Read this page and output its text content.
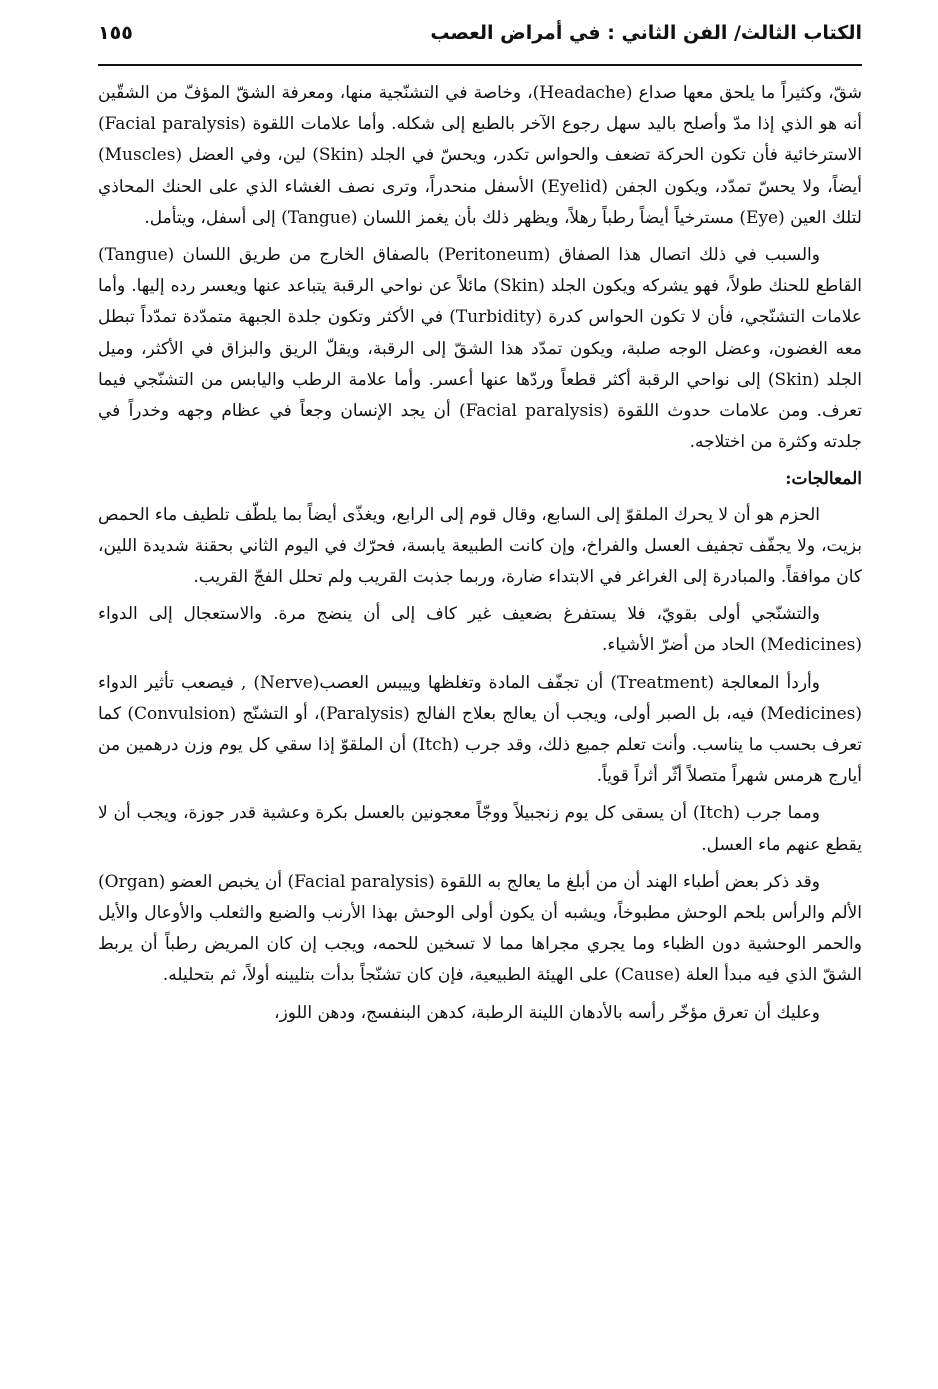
الكتاب الثالث/ الفن الثاني : في أمراض العصب
١٥٥

شقّ، وكثيراً ما يلحق معها صداع (Headache)، وخاصة في التشنّجية منها، ومعرفة الشقّ المؤفّ من الشقّين أنه هو الذي إذا مدّ وأصلح باليد سهل رجوع الآخر بالطبع إلى شكله. وأما علامات اللقوة (Facial paralysis) الاسترخائية فأن تكون الحركة تضعف والحواس تكدر، ويحسّ في الجلد (Skin) لين، وفي العضل (Muscles) أيضاً، ولا يحسّ تمدّد، ويكون الجفن (Eyelid) الأسفل منحدراً، وترى نصف الغشاء الذي على الحنك المحاذي لتلك العين (Eye) مسترخياً أيضاً رطباً رهلاً، ويظهر ذلك بأن يغمز اللسان (Tangue) إلى أسفل، ويتأمل.

والسبب في ذلك اتصال هذا الصفاق (Peritoneum) بالصفاق الخارج من طريق اللسان (Tangue) القاطع للحنك طولاً، فهو يشركه ويكون الجلد (Skin) مائلاً عن نواحي الرقبة يتباعد عنها ويعسر رده إليها. وأما علامات التشنّجي، فأن لا تكون الحواس كدرة (Turbidity) في الأكثر وتكون جلدة الجبهة متمدّدة تمدّداً تبطل معه الغضون، وعضل الوجه صلبة، ويكون تمدّد هذا الشقّ إلى الرقبة، ويقلّ الريق والبزاق في الأكثر، وميل الجلد (Skin) إلى نواحي الرقبة أكثر قطعاً وردّها عنها أعسر. وأما علامة الرطب واليابس من التشنّجي فيما تعرف. ومن علامات حدوث اللقوة (Facial paralysis) أن يجد الإنسان وجعاً في عظام وجهه وخدراً في جلدته وكثرة من اختلاجه.

المعالجات:

الحزم هو أن لا يحرك الملقوّ إلى السابع، وقال قوم إلى الرابع، ويغذّى أيضاً بما يلطّف تلطيف ماء الحمص بزيت، ولا يجفّف تجفيف العسل والفراخ، وإن كانت الطبيعة يابسة، فحرّك في اليوم الثاني بحقنة شديدة اللين، كان موافقاً. والمبادرة إلى الغراغر في الابتداء ضارة، وربما جذبت القريب ولم تحلل الفجّ القريب.

والتشنّجي أولى بقويّ، فلا يستفرغ بضعيف غير كاف إلى أن ينضج مرة. والاستعجال إلى الدواء (Medicines) الحاد من أضرّ الأشياء.

وأردأ المعالجة (Treatment) أن تجفّف المادة وتغلظها وييبس العصب(Nerve) , فيصعب تأثير الدواء (Medicines) فيه، بل الصبر أولى، ويجب أن يعالج بعلاج الفالج (Paralysis)، أو التشنّج (Convulsion) كما تعرف بحسب ما يناسب. وأنت تعلم جميع ذلك، وقد جرب (Itch) أن الملقوّ إذا سقي كل يوم وزن درهمين من أيارج هرمس شهراً متصلاً أثّر أثراً قوياً.

ومما جرب (Itch) أن يسقى كل يوم زنجبيلاً ووجّاً معجونين بالعسل بكرة وعشية قدر جوزة، ويجب أن لا يقطع عنهم ماء العسل.

وقد ذكر بعض أطباء الهند أن من أبلغ ما يعالج به اللقوة (Facial paralysis) أن يخبص العضو (Organ) الألم والرأس بلحم الوحش مطبوخاً، ويشبه أن يكون أولى الوحش بهذا الأرنب والضبع والثعلب والأوعال والأيل والحمر الوحشية دون الظباء وما يجري مجراها مما لا تسخين للحمه، ويجب إن كان المريض رطباً أن يربط الشقّ الذي فيه مبدأ العلة (Cause) على الهيئة الطبيعية، فإن كان تشنّجاً بدأت بتليينه أولاً، ثم بتحليله.

وعليك أن تعرق مؤخّر رأسه بالأدهان اللينة الرطبة، كدهن البنفسج، ودهن اللوز،
